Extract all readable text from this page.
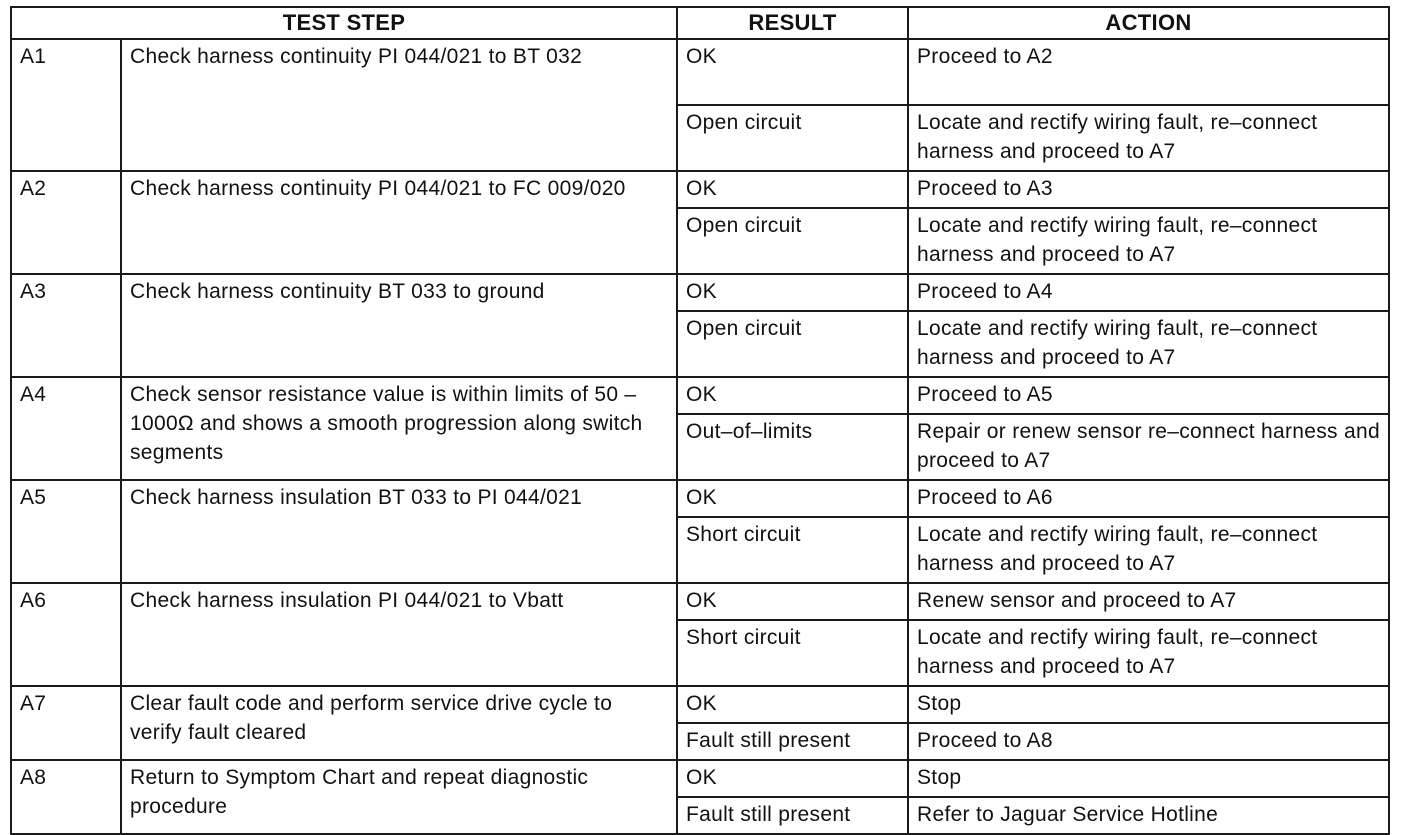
TEST STEP		RESULT	ACTION
A1	Check harness continuity PI 044/021 to BT 032	OK	Proceed to A2
		Open circuit	Locate and rectify wiring fault, re–connect harness and proceed to A7
A2	Check harness continuity PI 044/021 to FC 009/020	OK	Proceed to A3
		Open circuit	Locate and rectify wiring fault, re–connect harness and proceed to A7
A3	Check harness continuity BT 033 to ground	OK	Proceed to A4
		Open circuit	Locate and rectify wiring fault, re–connect harness and proceed to A7
A4	Check sensor resistance value is within limits of 50 – 1000Ω and shows a smooth progression along switch segments	OK	Proceed to A5
		Out–of–limits	Repair or renew sensor re–connect harness and proceed to A7
A5	Check harness insulation BT 033 to PI 044/021	OK	Proceed to A6
		Short circuit	Locate and rectify wiring fault, re–connect harness and proceed to A7
A6	Check harness insulation PI 044/021 to Vbatt	OK	Renew sensor and proceed to A7
		Short circuit	Locate and rectify wiring fault, re–connect harness and proceed to A7
A7	Clear fault code and perform service drive cycle to verify fault cleared	OK	Stop
		Fault still present	Proceed to A8
A8	Return to Symptom Chart and repeat diagnostic procedure	OK	Stop
		Fault still present	Refer to Jaguar Service Hotline
